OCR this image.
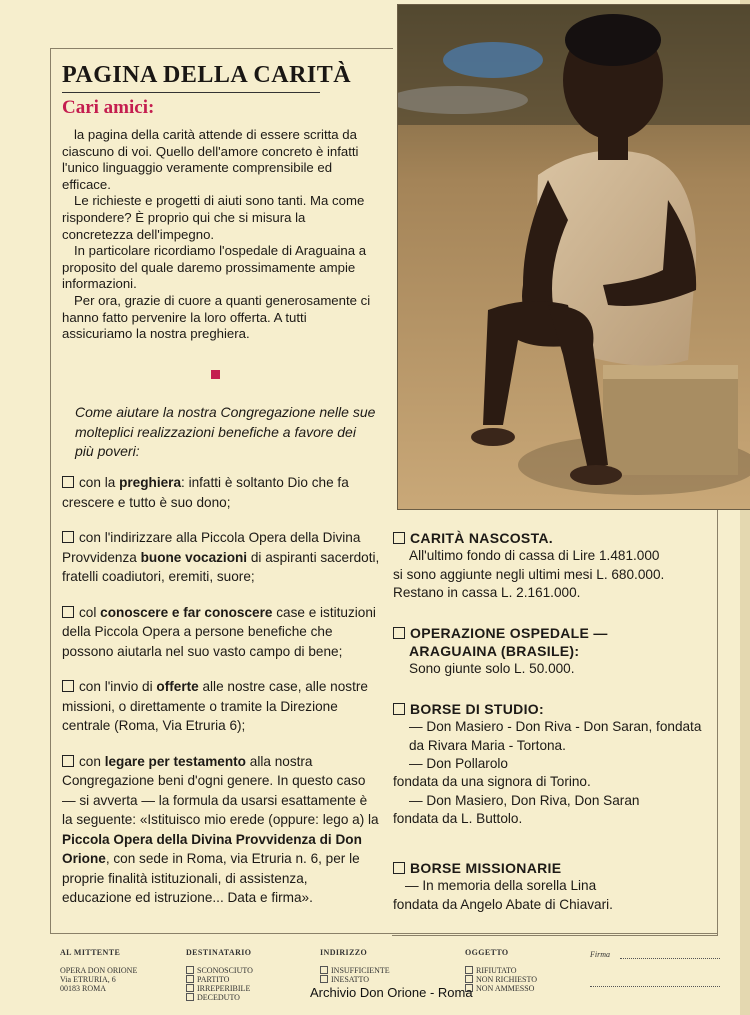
PAGINA DELLA CARITÀ
Cari amici:

la pagina della carità attende di essere scritta da ciascuno di voi. Quello dell'amore concreto è infatti l'unico linguaggio veramente comprensibile ed efficace.

Le richieste e progetti di aiuti sono tanti. Ma come rispondere? È proprio qui che si misura la concretezza dell'impegno.

In particolare ricordiamo l'ospedale di Araguaina a proposito del quale daremo prossimamente ampie informazioni.

Per ora, grazie di cuore a quanti generosamente ci hanno fatto pervenire la loro offerta. A tutti assicuriamo la nostra preghiera.

Come aiutare la nostra Congregazione nelle sue molteplici realizzazioni benefiche a favore dei più poveri:
con la preghiera: infatti è soltanto Dio che fa crescere e tutto è suo dono;
con l'indirizzare alla Piccola Opera della Divina Provvidenza buone vocazioni di aspiranti sacerdoti, fratelli coadiutori, eremiti, suore;
col conoscere e far conoscere case e istituzioni della Piccola Opera a persone benefiche che possono aiutarla nel suo vasto campo di bene;
con l'invio di offerte alle nostre case, alle nostre missioni, o direttamente o tramite la Direzione centrale (Roma, Via Etruria 6);
con legare per testamento alla nostra Congregazione beni d'ogni genere. In questo caso — si avverta — la formula da usarsi esattamente è la seguente: «Istituisco mio erede (oppure: lego a) la Piccola Opera della Divina Provvidenza di Don Orione, con sede in Roma, via Etruria n. 6, per le proprie finalità istituzionali, di assistenza, educazione ed istruzione... Data e firma».
CARITÀ NASCOSTA.

All'ultimo fondo di cassa di Lire 1.481.000

si sono aggiunte negli ultimi mesi L. 680.000.

Restano in cassa L. 2.161.000.

OPERAZIONE OSPEDALE —
ARAGUAINA (BRASILE):

Sono giunte solo L. 50.000.

BORSE DI STUDIO:

— Don Masiero - Don Riva - Don Saran, fondata da Rivara Maria - Tortona.

— Don Pollarolo

fondata da una signora di Torino.

— Don Masiero, Don Riva, Don Saran

fondata da L. Buttolo.

BORSE MISSIONARIE

— In memoria della sorella Lina

fondata da Angelo Abate di Chiavari.

AL MITTENTE
OPERA DON ORIONE
Via ETRURIA, 6
00183 ROMA
DESTINATARIO
SCONOSCIUTO
PARTITO
IRREPERIBILE
DECEDUTO
INDIRIZZO
INSUFFICIENTE
INESATTO
OGGETTO
RIFIUTATO
NON RICHIESTO
NON AMMESSO
Firma
Archivio Don Orione - Roma
